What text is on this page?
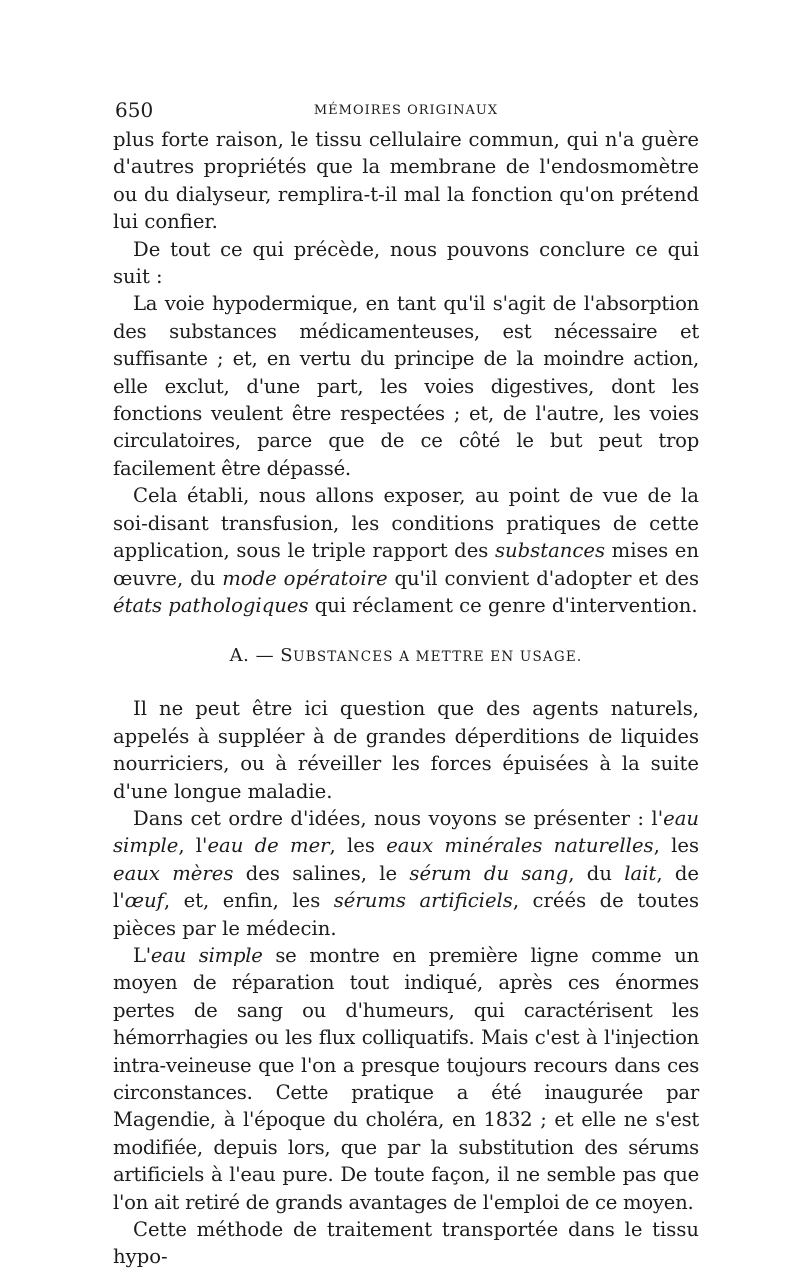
650	MÉMOIRES ORIGINAUX

plus forte raison, le tissu cellulaire commun, qui n'a guère d'autres propriétés que la membrane de l'endosmomètre ou du dialyseur, remplira-t-il mal la fonction qu'on prétend lui confier.

De tout ce qui précède, nous pouvons conclure ce qui suit :

La voie hypodermique, en tant qu'il s'agit de l'absorption des substances médicamenteuses, est nécessaire et suffisante ; et, en vertu du principe de la moindre action, elle exclut, d'une part, les voies digestives, dont les fonctions veulent être respectées ; et, de l'autre, les voies circulatoires, parce que de ce côté le but peut trop facilement être dépassé.

Cela établi, nous allons exposer, au point de vue de la soi-disant transfusion, les conditions pratiques de cette application, sous le triple rapport des substances mises en œuvre, du mode opératoire qu'il convient d'adopter et des états pathologiques qui réclament ce genre d'intervention.

A. — SUBSTANCES A METTRE EN USAGE.

Il ne peut être ici question que des agents naturels, appelés à suppléer à de grandes déperditions de liquides nourriciers, ou à réveiller les forces épuisées à la suite d'une longue maladie.

Dans cet ordre d'idées, nous voyons se présenter : l'eau simple, l'eau de mer, les eaux minérales naturelles, les eaux mères des salines, le sérum du sang, du lait, de l'œuf, et, enfin, les sérums artificiels, créés de toutes pièces par le médecin.

L'eau simple se montre en première ligne comme un moyen de réparation tout indiqué, après ces énormes pertes de sang ou d'humeurs, qui caractérisent les hémorrhagies ou les flux colliquatifs. Mais c'est à l'injection intra-veineuse que l'on a presque toujours recours dans ces circonstances. Cette pratique a été inaugurée par Magendie, à l'époque du choléra, en 1832 ; et elle ne s'est modifiée, depuis lors, que par la substitution des sérums artificiels à l'eau pure. De toute façon, il ne semble pas que l'on ait retiré de grands avantages de l'emploi de ce moyen.

Cette méthode de traitement transportée dans le tissu hypo-
